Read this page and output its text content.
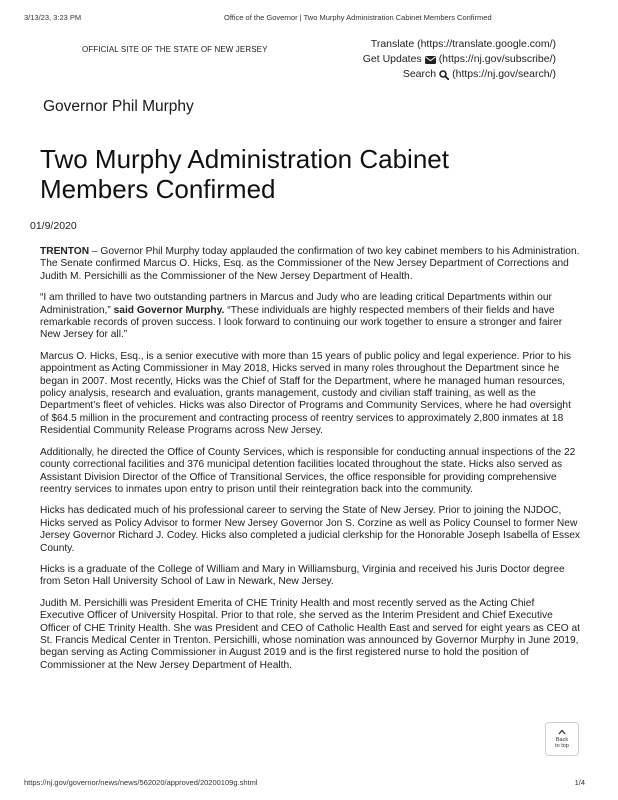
3/13/23, 3:23 PM	Office of the Governor | Two Murphy Administration Cabinet Members Confirmed
OFFICIAL SITE OF THE STATE OF NEW JERSEY	Translate (https://translate.google.com/)
Get Updates (https://nj.gov/subscribe/)
Search (https://nj.gov/search/)
Governor Phil Murphy
Two Murphy Administration Cabinet Members Confirmed
01/9/2020

TRENTON – Governor Phil Murphy today applauded the confirmation of two key cabinet members to his Administration. The Senate confirmed Marcus O. Hicks, Esq. as the Commissioner of the New Jersey Department of Corrections and Judith M. Persichilli as the Commissioner of the New Jersey Department of Health.

“I am thrilled to have two outstanding partners in Marcus and Judy who are leading critical Departments within our Administration,” said Governor Murphy. “These individuals are highly respected members of their fields and have remarkable records of proven success. I look forward to continuing our work together to ensure a stronger and fairer New Jersey for all.”

Marcus O. Hicks, Esq., is a senior executive with more than 15 years of public policy and legal experience. Prior to his appointment as Acting Commissioner in May 2018, Hicks served in many roles throughout the Department since he began in 2007. Most recently, Hicks was the Chief of Staff for the Department, where he managed human resources, policy analysis, research and evaluation, grants management, custody and civilian staff training, as well as the Department’s fleet of vehicles. Hicks was also Director of Programs and Community Services, where he had oversight of $64.5 million in the procurement and contracting process of reentry services to approximately 2,800 inmates at 18 Residential Community Release Programs across New Jersey.

Additionally, he directed the Office of County Services, which is responsible for conducting annual inspections of the 22 county correctional facilities and 376 municipal detention facilities located throughout the state. Hicks also served as Assistant Division Director of the Office of Transitional Services, the office responsible for providing comprehensive reentry services to inmates upon entry to prison until their reintegration back into the community.

Hicks has dedicated much of his professional career to serving the State of New Jersey. Prior to joining the NJDOC, Hicks served as Policy Advisor to former New Jersey Governor Jon S. Corzine as well as Policy Counsel to former New Jersey Governor Richard J. Codey. Hicks also completed a judicial clerkship for the Honorable Joseph Isabella of Essex County.

Hicks is a graduate of the College of William and Mary in Williamsburg, Virginia and received his Juris Doctor degree from Seton Hall University School of Law in Newark, New Jersey.

Judith M. Persichilli was President Emerita of CHE Trinity Health and most recently served as the Acting Chief Executive Officer of University Hospital. Prior to that role, she served as the Interim President and Chief Executive Officer of CHE Trinity Health. She was President and CEO of Catholic Health East and served for eight years as CEO at St. Francis Medical Center in Trenton. Persichilli, whose nomination was announced by Governor Murphy in June 2019, began serving as Acting Commissioner in August 2019 and is the first registered nurse to hold the position of Commissioner at the New Jersey Department of Health.

Back
to top
https://nj.gov/governor/news/news/562020/approved/20200109g.shtml	1/4
